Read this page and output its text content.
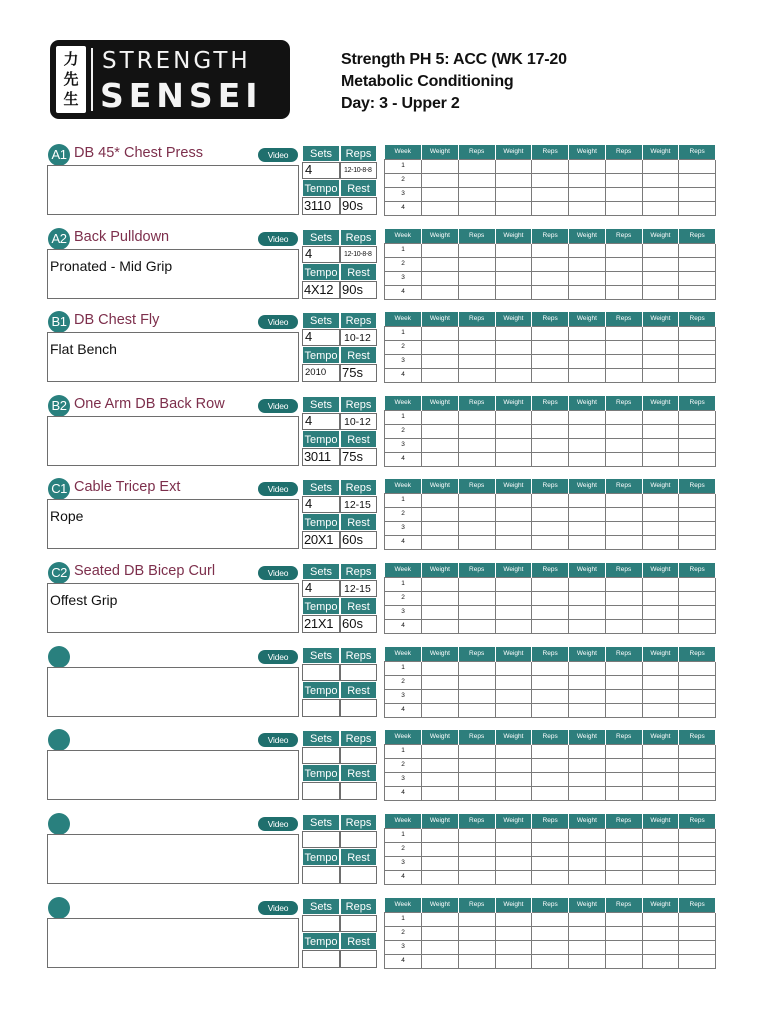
力
先
生
STRENGTH
SENSEI
Strength PH 5: ACC (WK 17-20
Metabolic Conditioning
Day: 3 - Upper 2
A1 DB 45* Chest Press	Video	Sets	Reps
4	12-10-8-8
Tempo Rest
3110 90s
Week	Weight	Reps	Weight	Reps	Weight	Reps	Weight	Reps
1								
2								
3								
4								
A2 Back Pulldown	Video
Pronated - Mid Grip
Sets	Reps
4	12-10-8-8
Tempo Rest
4X12 90s
Week	Weight	Reps	Weight	Reps	Weight	Reps	Weight	Reps
1								
2								
3								
4								
B1 DB Chest Fly	Video
Flat Bench
Sets	Reps
4	10-12
Tempo Rest
2010	75s
Week	Weight	Reps	Weight	Reps	Weight	Reps	Weight	Reps
1								
2								
3								
4								
B2 One Arm DB Back Row	Video	Sets	Reps
4	10-12
Tempo Rest
3011 75s
Week	Weight	Reps	Weight	Reps	Weight	Reps	Weight	Reps
1								
2								
3								
4								
C1 Cable Tricep Ext	Video
Rope
Sets	Reps
4	12-15
Tempo Rest
20X1 60s
Week	Weight	Reps	Weight	Reps	Weight	Reps	Weight	Reps
1								
2								
3								
4								
C2 Seated DB Bicep Curl	Video
Offest Grip
Sets	Reps
4	12-15
Tempo Rest
21X1 60s
Week	Weight	Reps	Weight	Reps	Weight	Reps	Weight	Reps
1								
2								
3								
4								
Video	Sets	Reps
Tempo Rest
Week	Weight	Reps	Weight	Reps	Weight	Reps	Weight	Reps
1								
2								
3								
4								
Video	Sets	Reps
Tempo Rest
Week	Weight	Reps	Weight	Reps	Weight	Reps	Weight	Reps
1								
2								
3								
4								
Video	Sets	Reps
Tempo Rest
Week	Weight	Reps	Weight	Reps	Weight	Reps	Weight	Reps
1								
2								
3								
4								
Video	Sets	Reps
Tempo Rest
Week	Weight	Reps	Weight	Reps	Weight	Reps	Weight	Reps
1								
2								
3								
4								
